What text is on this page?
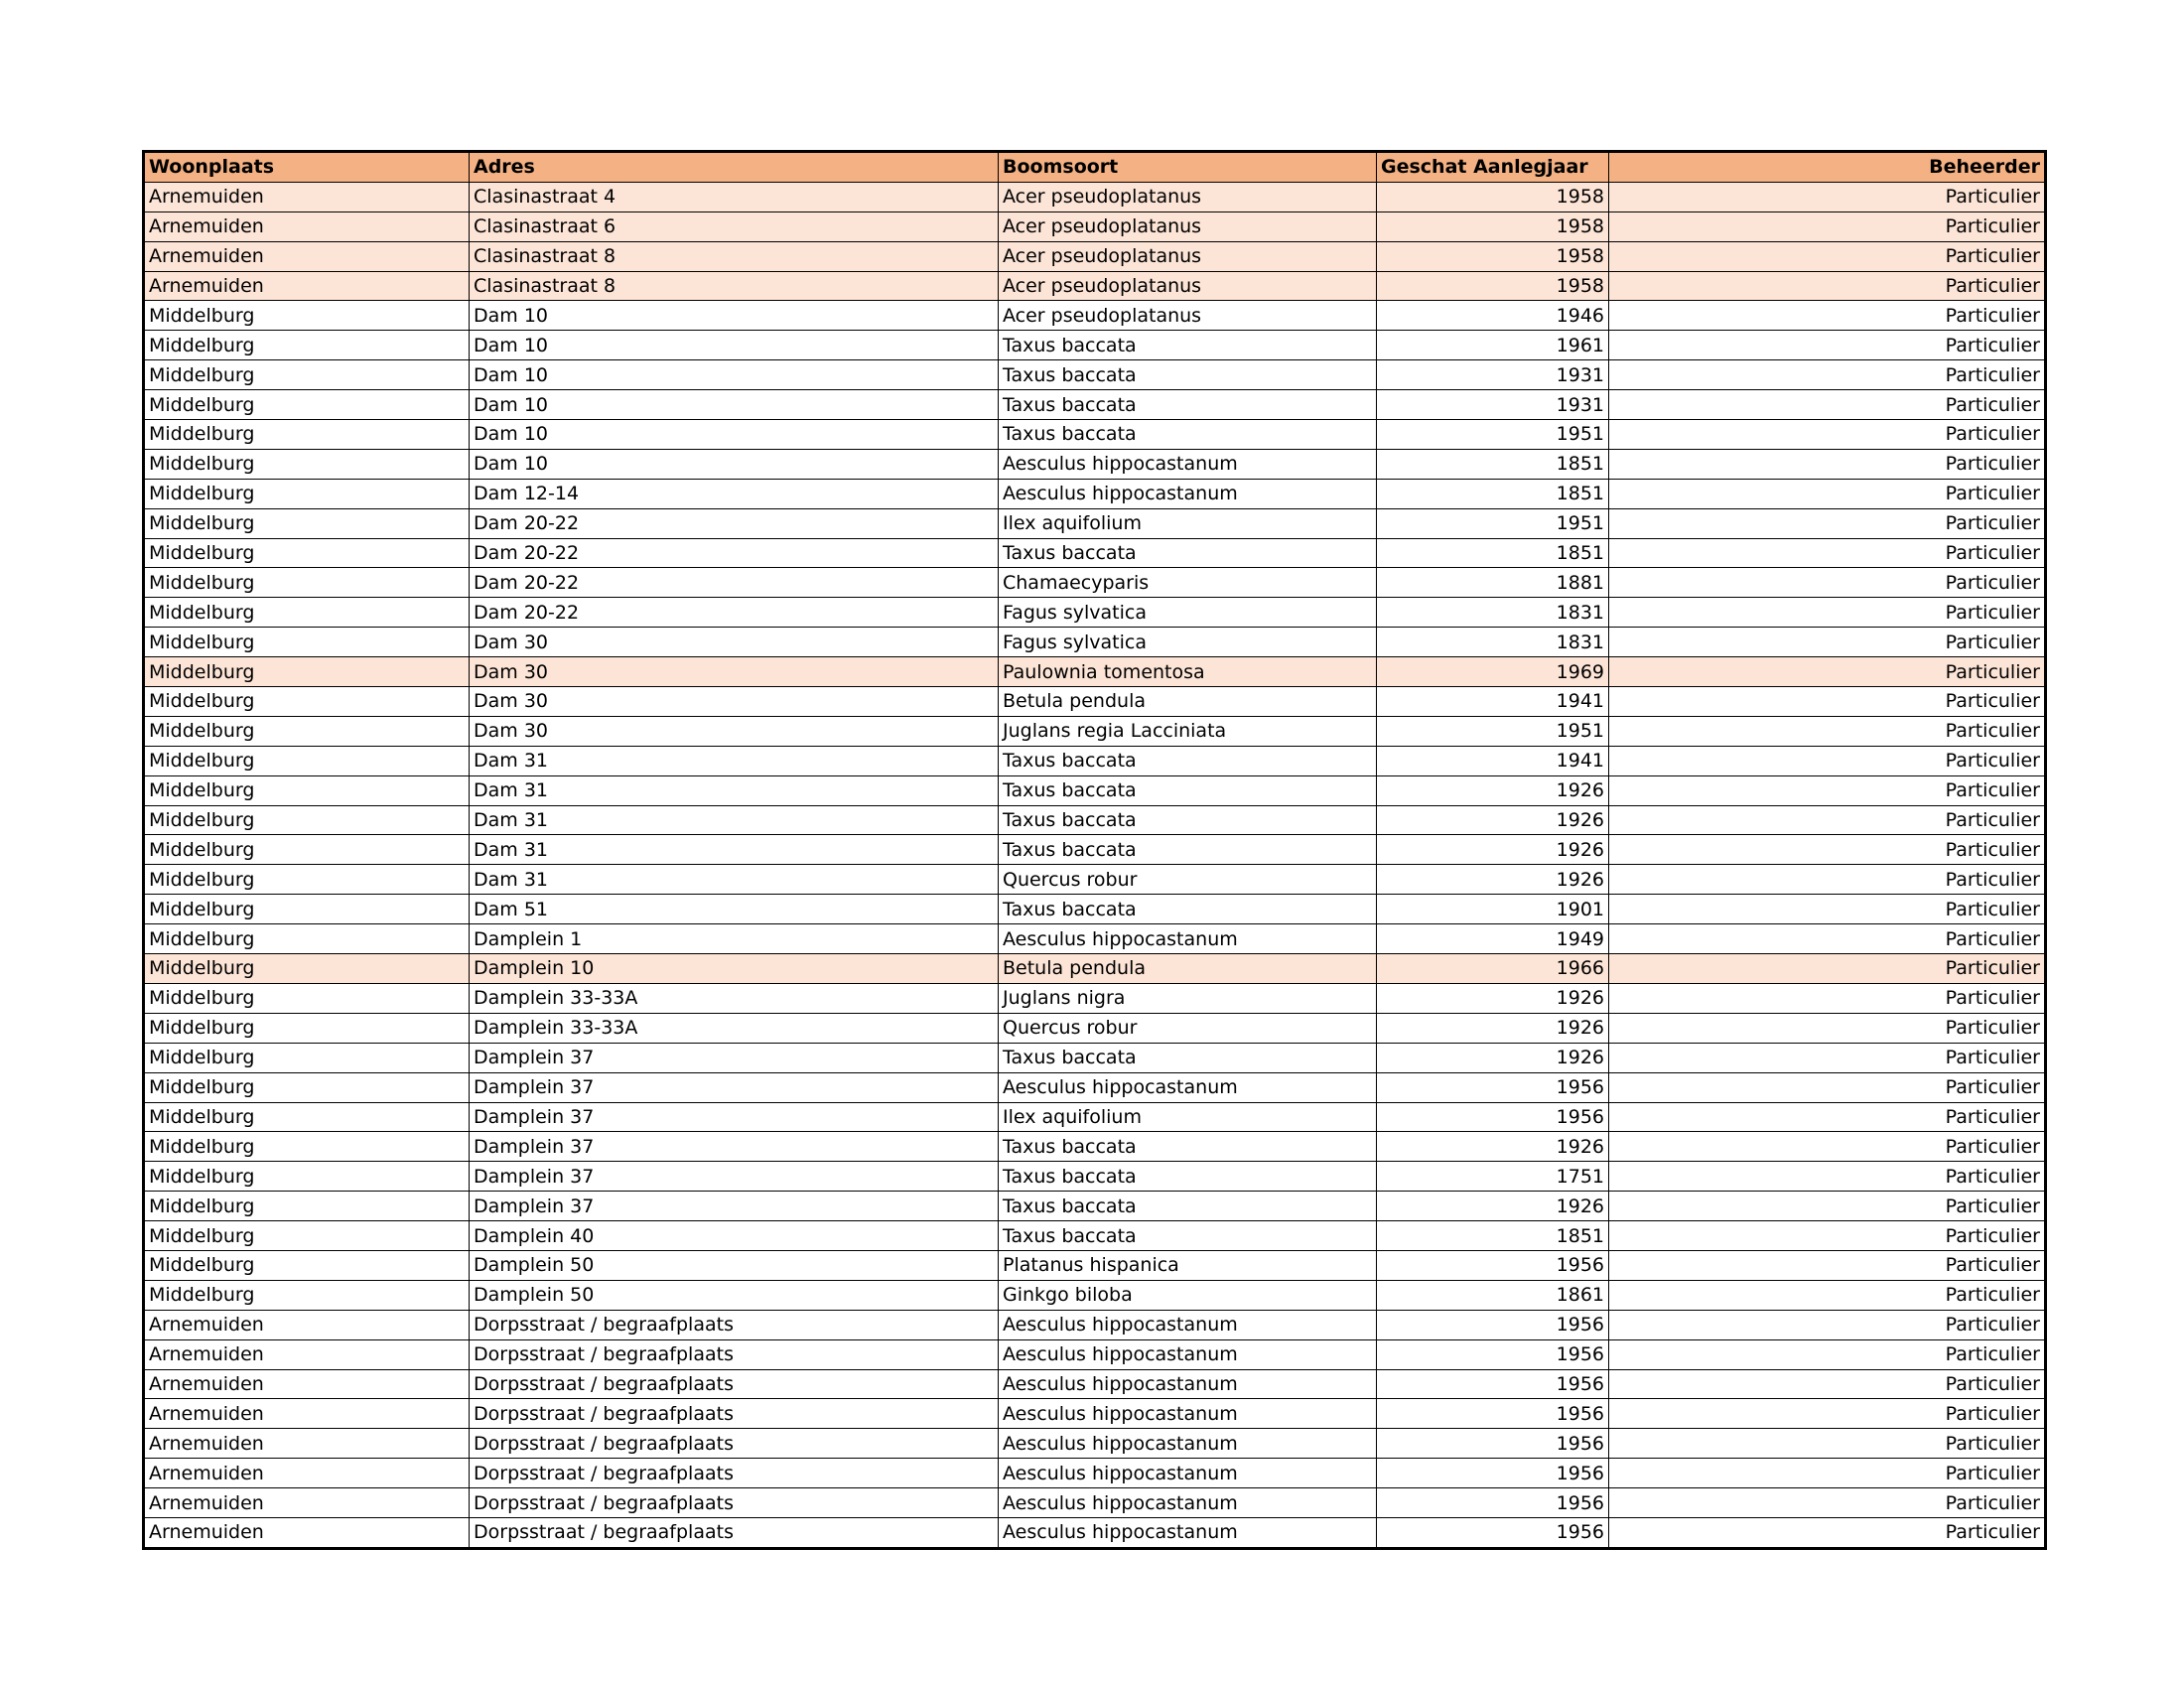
Woonplaats	Adres	Boomsoort	Geschat Aanlegjaar	Beheerder
Arnemuiden	Clasinastraat 4	Acer pseudoplatanus	1958	Particulier
Arnemuiden	Clasinastraat 6	Acer pseudoplatanus	1958	Particulier
Arnemuiden	Clasinastraat 8	Acer pseudoplatanus	1958	Particulier
Arnemuiden	Clasinastraat 8	Acer pseudoplatanus	1958	Particulier
Middelburg	Dam 10	Acer pseudoplatanus	1946	Particulier
Middelburg	Dam 10	Taxus baccata	1961	Particulier
Middelburg	Dam 10	Taxus baccata	1931	Particulier
Middelburg	Dam 10	Taxus baccata	1931	Particulier
Middelburg	Dam 10	Taxus baccata	1951	Particulier
Middelburg	Dam 10	Aesculus hippocastanum	1851	Particulier
Middelburg	Dam 12-14	Aesculus hippocastanum	1851	Particulier
Middelburg	Dam 20-22	Ilex aquifolium	1951	Particulier
Middelburg	Dam 20-22	Taxus baccata	1851	Particulier
Middelburg	Dam 20-22	Chamaecyparis	1881	Particulier
Middelburg	Dam 20-22	Fagus sylvatica	1831	Particulier
Middelburg	Dam 30	Fagus sylvatica	1831	Particulier
Middelburg	Dam 30	Paulownia tomentosa	1969	Particulier
Middelburg	Dam 30	Betula pendula	1941	Particulier
Middelburg	Dam 30	Juglans regia Lacciniata	1951	Particulier
Middelburg	Dam 31	Taxus baccata	1941	Particulier
Middelburg	Dam 31	Taxus baccata	1926	Particulier
Middelburg	Dam 31	Taxus baccata	1926	Particulier
Middelburg	Dam 31	Taxus baccata	1926	Particulier
Middelburg	Dam 31	Quercus robur	1926	Particulier
Middelburg	Dam 51	Taxus baccata	1901	Particulier
Middelburg	Damplein 1	Aesculus hippocastanum	1949	Particulier
Middelburg	Damplein 10	Betula pendula	1966	Particulier
Middelburg	Damplein 33-33A	Juglans nigra	1926	Particulier
Middelburg	Damplein 33-33A	Quercus robur	1926	Particulier
Middelburg	Damplein 37	Taxus baccata	1926	Particulier
Middelburg	Damplein 37	Aesculus hippocastanum	1956	Particulier
Middelburg	Damplein 37	Ilex aquifolium	1956	Particulier
Middelburg	Damplein 37	Taxus baccata	1926	Particulier
Middelburg	Damplein 37	Taxus baccata	1751	Particulier
Middelburg	Damplein 37	Taxus baccata	1926	Particulier
Middelburg	Damplein 40	Taxus baccata	1851	Particulier
Middelburg	Damplein 50	Platanus hispanica	1956	Particulier
Middelburg	Damplein 50	Ginkgo biloba	1861	Particulier
Arnemuiden	Dorpsstraat / begraafplaats	Aesculus hippocastanum	1956	Particulier
Arnemuiden	Dorpsstraat / begraafplaats	Aesculus hippocastanum	1956	Particulier
Arnemuiden	Dorpsstraat / begraafplaats	Aesculus hippocastanum	1956	Particulier
Arnemuiden	Dorpsstraat / begraafplaats	Aesculus hippocastanum	1956	Particulier
Arnemuiden	Dorpsstraat / begraafplaats	Aesculus hippocastanum	1956	Particulier
Arnemuiden	Dorpsstraat / begraafplaats	Aesculus hippocastanum	1956	Particulier
Arnemuiden	Dorpsstraat / begraafplaats	Aesculus hippocastanum	1956	Particulier
Arnemuiden	Dorpsstraat / begraafplaats	Aesculus hippocastanum	1956	Particulier
